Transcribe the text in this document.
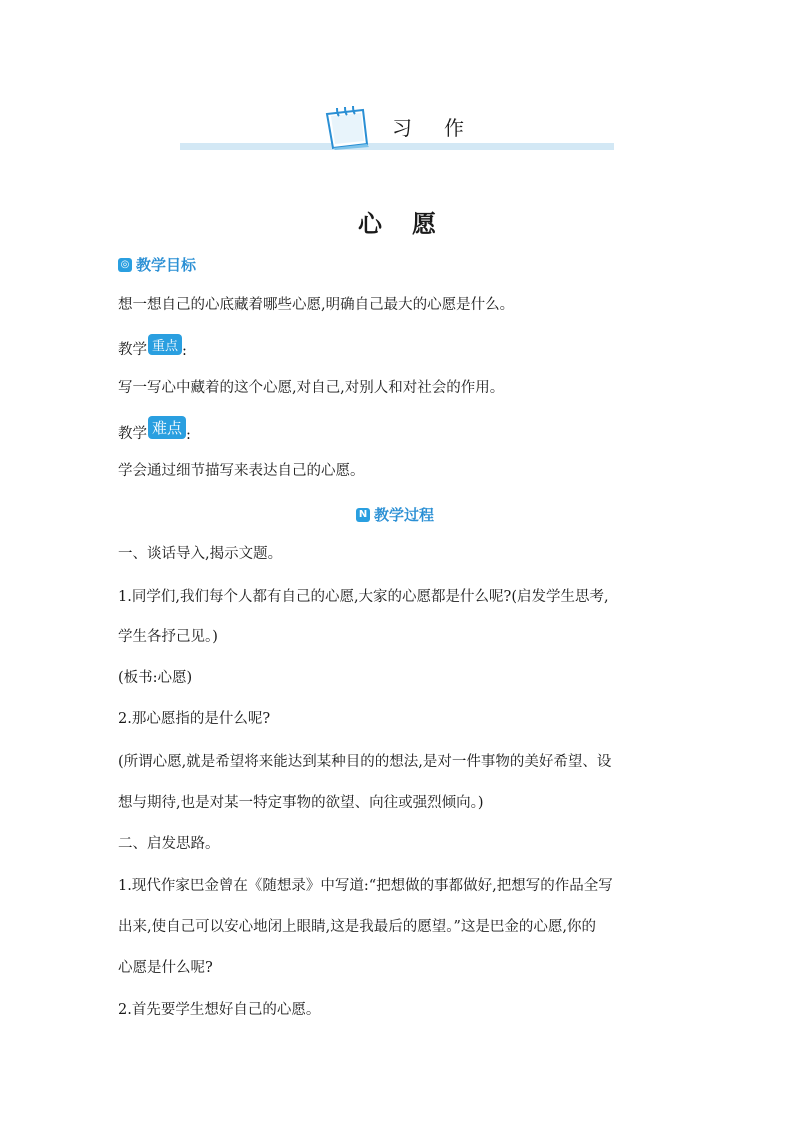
习 作
心 愿
◎ 教学目标
想一想自己的心底藏着哪些心愿,明确自己最大的心愿是什么。
教学 重点 :
写一写心中藏着的这个心愿,对自己,对别人和对社会的作用。
教学 难点 :
学会通过细节描写来表达自己的心愿。
N 教学过程
一、谈话导入,揭示文题。
1.同学们,我们每个人都有自己的心愿,大家的心愿都是什么呢?(启发学生思考,
学生各抒己见。)
(板书:心愿)
2.那心愿指的是什么呢?
(所谓心愿,就是希望将来能达到某种目的的想法,是对一件事物的美好希望、设
想与期待,也是对某一特定事物的欲望、向往或强烈倾向。)
二、启发思路。
1.现代作家巴金曾在《随想录》中写道:“把想做的事都做好,把想写的作品全写
出来,使自己可以安心地闭上眼睛,这是我最后的愿望。”这是巴金的心愿,你的
心愿是什么呢?
2.首先要学生想好自己的心愿。
